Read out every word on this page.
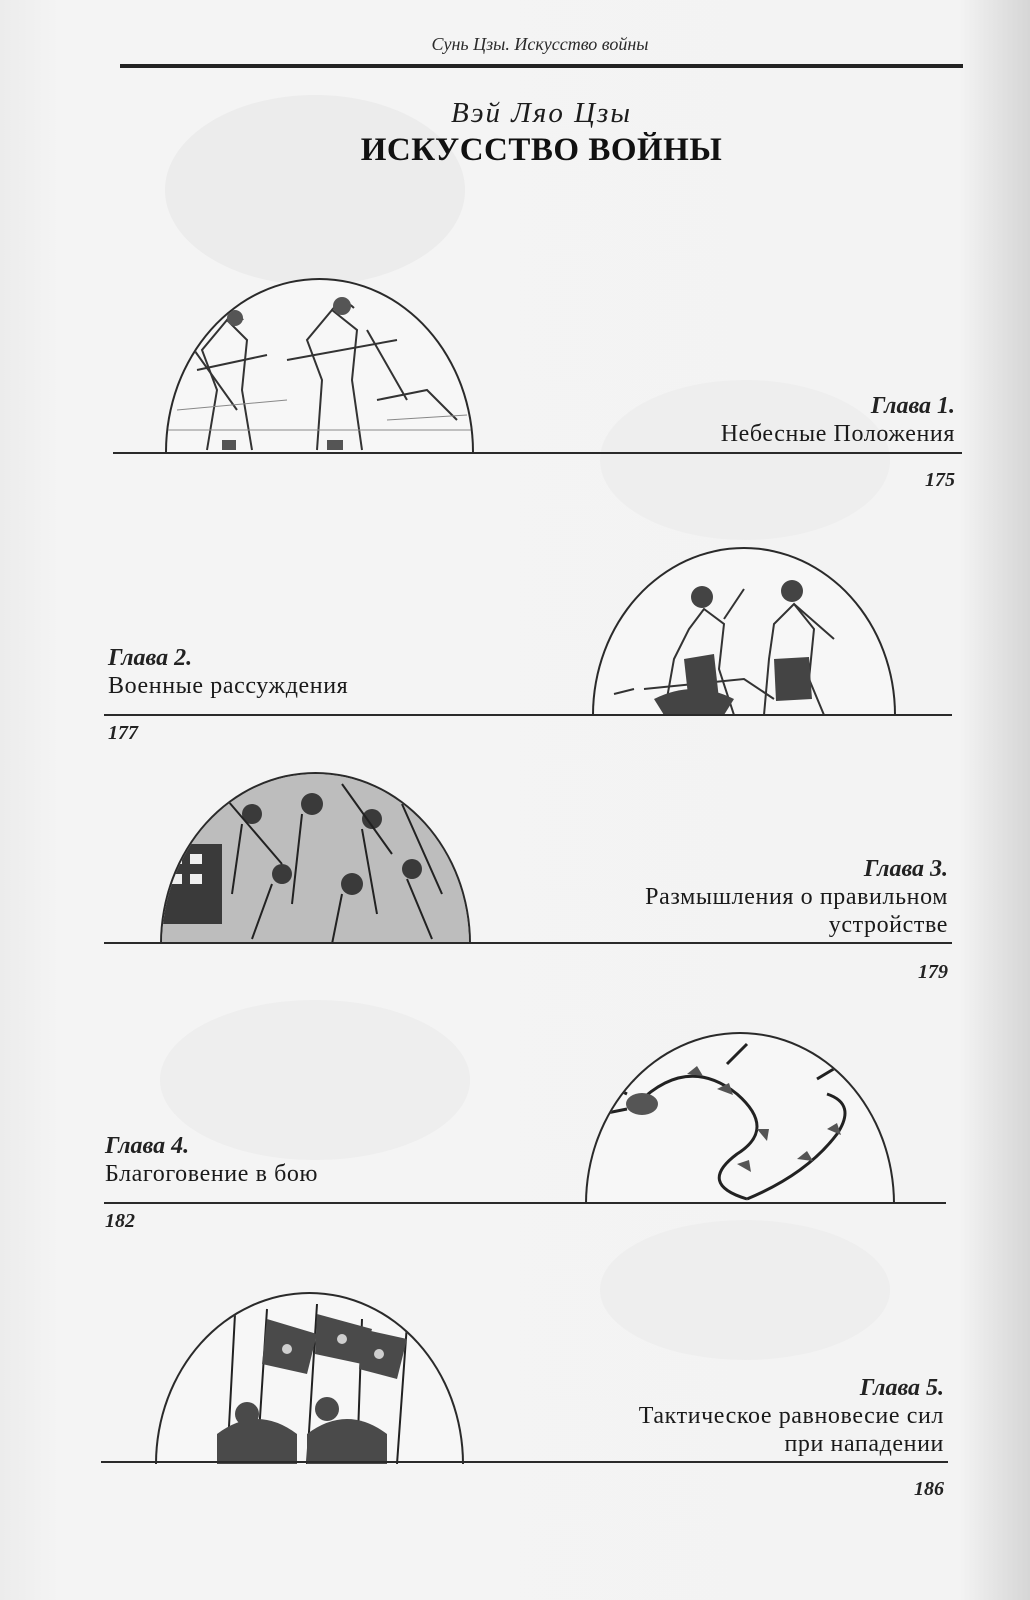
Сунь Цзы. Искусство войны
Вэй Ляо Цзы
ИСКУССТВО ВОЙНЫ
Глава 1.
Небесные Положения
175
Глава 2.
Военные рассуждения
177
Глава 3.
Размышления о правильном
устройстве
179
Глава 4.
Благоговение в бою
182
Глава 5.
Тактическое равновесие сил
при нападении
186
